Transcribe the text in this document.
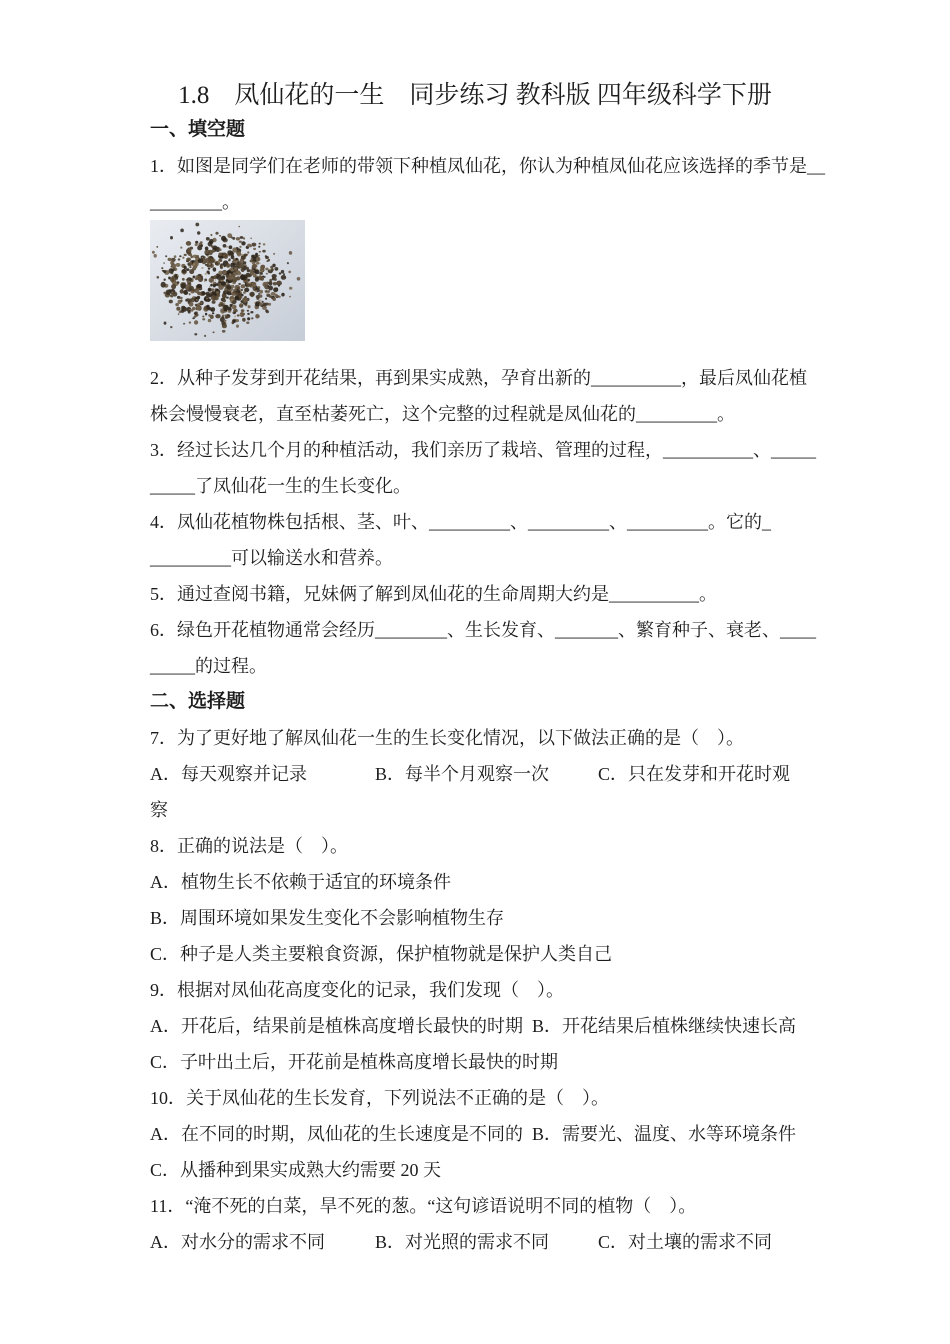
1.8　凤仙花的一生　同步练习 教科版 四年级科学下册
一、填空题
1．如图是同学们在老师的带领下种植凤仙花，你认为种植凤仙花应该选择的季节是__
________。
2．从种子发芽到开花结果，再到果实成熟，孕育出新的__________，最后凤仙花植
株会慢慢衰老，直至枯萎死亡，这个完整的过程就是凤仙花的_________。
3．经过长达几个月的种植活动，我们亲历了栽培、管理的过程，__________、_____
_____了凤仙花一生的生长变化。
4．凤仙花植物株包括根、茎、叶、_________、_________、_________。它的_
_________可以输送水和营养。
5．通过查阅书籍，兄妹俩了解到凤仙花的生命周期大约是__________。
6．绿色开花植物通常会经历________、生长发育、_______、繁育种子、衰老、____
_____的过程。
二、选择题
7．为了更好地了解凤仙花一生的生长变化情况，以下做法正确的是（　）。
A．每天观察并记录	B．每半个月观察一次	C．只在发芽和开花时观
察
8．正确的说法是（　）。
A．植物生长不依赖于适宜的环境条件
B．周围环境如果发生变化不会影响植物生存
C．种子是人类主要粮食资源，保护植物就是保护人类自己
9．根据对凤仙花高度变化的记录，我们发现（　）。
A．开花后，结果前是植株高度增长最快的时期 B．开花结果后植株继续快速长高
C．子叶出土后，开花前是植株高度增长最快的时期
10．关于凤仙花的生长发育，下列说法不正确的是（　）。
A．在不同的时期，凤仙花的生长速度是不同的 B．需要光、温度、水等环境条件
C．从播种到果实成熟大约需要 20 天
11．“淹不死的白菜，旱不死的葱。“这句谚语说明不同的植物（　）。
A．对水分的需求不同	B．对光照的需求不同	C．对土壤的需求不同
